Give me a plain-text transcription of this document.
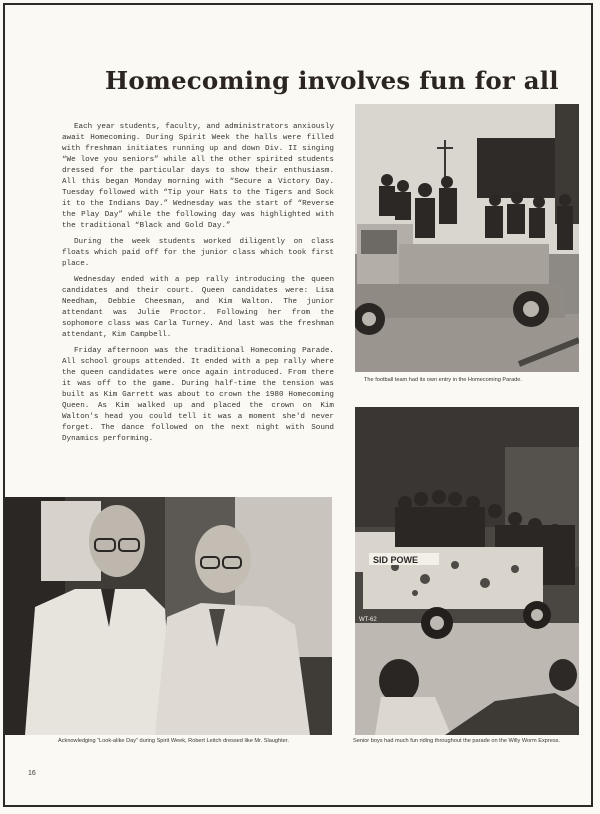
Homecoming involves fun for all

Each year students, faculty, and administrators anxiously await Homecoming. During Spirit Week the halls were filled with freshman initiates running up and down Div. II singing “We love you seniors” while all the other spirited students dressed for the particular days to show their enthusiasm. All this began Monday morning with “Secure a Victory Day. Tuesday followed with “Tip your Hats to the Tigers and Sock it to the Indians Day.” Wednesday was the start of “Reverse the Play Day” while the following day was highlighted with the traditional “Black and Gold Day.”

During the week students worked diligently on class floats which paid off for the junior class which took first place.

Wednesday ended with a pep rally introducing the queen candidates and their court. Queen candidates were: Lisa Needham, Debbie Cheesman, and Kim Walton. The junior attendant was Julie Proctor. Following her from the sophomore class was Carla Turney. And last was the freshman attendant, Kim Campbell.

Friday afternoon was the traditional Homecoming Parade. All school groups attended. It ended with a pep rally where the queen candidates were once again introduced. From there it was off to the game. During half-time the tension was built as Kim Garrett was about to crown the 1980 Homecoming Queen. As Kim walked up and placed the crown on Kim Walton's head you could tell it was a moment she'd never forget. The dance followed on the next night with Sound Dynamics performing.

The football team had its own entry in the Homecoming Parade.
Acknowledging “Look-alike Day” during Spirit Week, Robert Leitch dressed like Mr. Slaughter.
SID POWE
WT-62
Senior boys had much fun riding throughout the parade on the Willy Worm Express.
16
